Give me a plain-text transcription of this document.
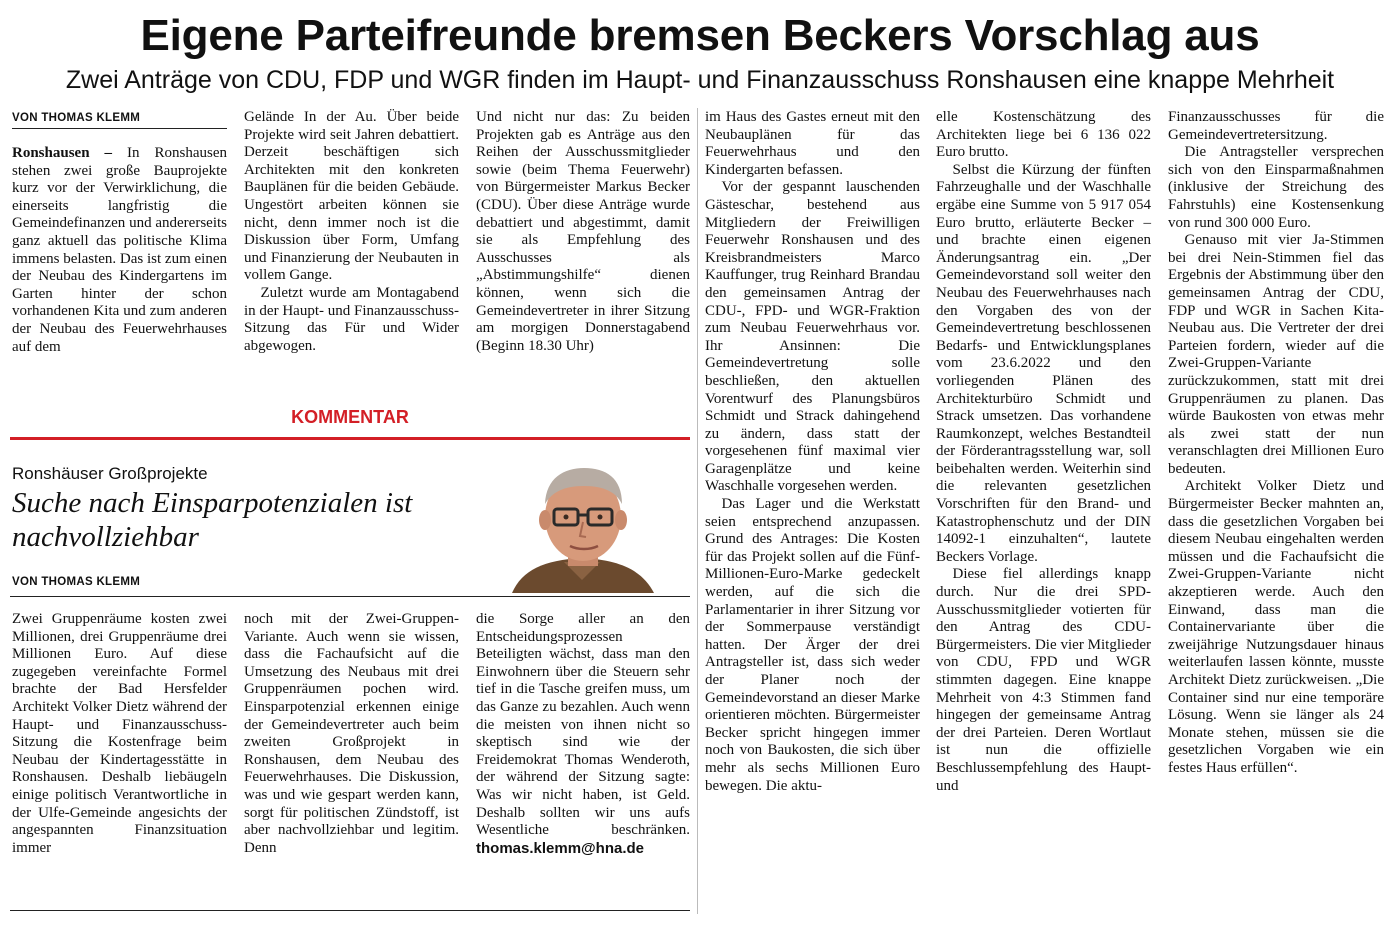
Eigene Parteifreunde bremsen Beckers Vorschlag aus
Zwei Anträge von CDU, FDP und WGR finden im Haupt- und Finanzausschuss Ronshausen eine knappe Mehrheit
VON THOMAS KLEMM

Ronshausen – In Ronshausen stehen zwei große Bauprojekte kurz vor der Verwirklichung, die einerseits langfristig die Gemeindefinanzen und andererseits ganz aktuell das politische Klima immens belasten. Das ist zum einen der Neubau des Kindergartens im Garten hinter der schon vorhandenen Kita und zum anderen der Neubau des Feuerwehrhauses auf dem

Gelände In der Au. Über beide Projekte wird seit Jahren debattiert. Derzeit beschäftigen sich Architekten mit den konkreten Bauplänen für die beiden Gebäude. Ungestört arbeiten können sie nicht, denn immer noch ist die Diskussion über Form, Umfang und Finanzierung der Neubauten in vollem Gange.

Zuletzt wurde am Montagabend in der Haupt- und Finanzausschuss-Sitzung das Für und Wider abgewogen.

Und nicht nur das: Zu beiden Projekten gab es Anträge aus den Reihen der Ausschussmitglieder sowie (beim Thema Feuerwehr) von Bürgermeister Markus Becker (CDU). Über diese Anträge wurde debattiert und abgestimmt, damit sie als Empfehlung des Ausschusses als „Abstimmungshilfe“ dienen können, wenn sich die Gemeindevertreter in ihrer Sitzung am morgigen Donnerstagabend (Beginn 18.30 Uhr)

im Haus des Gastes erneut mit den Neubauplänen für das Feuerwehrhaus und den Kindergarten befassen.

Vor der gespannt lauschenden Gästeschar, bestehend aus Mitgliedern der Freiwilligen Feuerwehr Ronshausen und des Kreisbrandmeisters Marco Kauffunger, trug Reinhard Brandau den gemeinsamen Antrag der CDU-, FPD- und WGR-Fraktion zum Neubau Feuerwehrhaus vor. Ihr Ansinnen: Die Gemeindevertretung solle beschließen, den aktuellen Vorentwurf des Planungsbüros Schmidt und Strack dahingehend zu ändern, dass statt der vorgesehenen fünf maximal vier Garagenplätze und keine Waschhalle vorgesehen werden.

Das Lager und die Werkstatt seien entsprechend anzupassen. Grund des Antrages: Die Kosten für das Projekt sollen auf die Fünf-Millionen-Euro-Marke gedeckelt werden, auf die sich die Parlamentarier in ihrer Sitzung vor der Sommerpause verständigt hatten. Der Ärger der drei Antragsteller ist, dass sich weder der Planer noch der Gemeindevorstand an dieser Marke orientieren möchten. Bürgermeister Becker spricht hingegen immer noch von Baukosten, die sich über mehr als sechs Millionen Euro bewegen. Die aktu-

elle Kostenschätzung des Architekten liege bei 6 136 022 Euro brutto.

Selbst die Kürzung der fünften Fahrzeughalle und der Waschhalle ergäbe eine Summe von 5 917 054 Euro brutto, erläuterte Becker – und brachte einen eigenen Änderungsantrag ein. „Der Gemeindevorstand soll weiter den Neubau des Feuerwehrhauses nach den Vorgaben des von der Gemeindevertretung beschlossenen Bedarfs- und Entwicklungsplanes vom 23.6.2022 und den vorliegenden Plänen des Architekturbüro Schmidt und Strack umsetzen. Das vorhandene Raumkonzept, welches Bestandteil der Förderantragsstellung war, soll beibehalten werden. Weiterhin sind die relevanten gesetzlichen Vorschriften für den Brand- und Katastrophenschutz und der DIN 14092-1 einzuhalten“, lautete Beckers Vorlage.

Diese fiel allerdings knapp durch. Nur die drei SPD-Ausschussmitglieder votierten für den Antrag des CDU-Bürgermeisters. Die vier Mitglieder von CDU, FPD und WGR stimmten dagegen. Eine knappe Mehrheit von 4:3 Stimmen fand hingegen der gemeinsame Antrag der drei Parteien. Deren Wortlaut ist nun die offizielle Beschlussempfehlung des Haupt- und

Finanzausschusses für die Gemeindevertretersitzung.

Die Antragsteller versprechen sich von den Einsparmaßnahmen (inklusive der Streichung des Fahrstuhls) eine Kostensenkung von rund 300 000 Euro.

Genauso mit vier Ja-Stimmen bei drei Nein-Stimmen fiel das Ergebnis der Abstimmung über den gemeinsamen Antrag der CDU, FDP und WGR in Sachen Kita-Neubau aus. Die Vertreter der drei Parteien fordern, wieder auf die Zwei-Gruppen-Variante zurückzukommen, statt mit drei Gruppenräumen zu planen. Das würde Baukosten von etwas mehr als zwei statt der nun veranschlagten drei Millionen Euro bedeuten.

Architekt Volker Dietz und Bürgermeister Becker mahnten an, dass die gesetzlichen Vorgaben bei diesem Neubau eingehalten werden müssen und die Fachaufsicht die Zwei-Gruppen-Variante nicht akzeptieren werde. Auch den Einwand, dass man die Containervariante über die zweijährige Nutzungsdauer hinaus weiterlaufen lassen könnte, musste Architekt Dietz zurückweisen. „Die Container sind nur eine temporäre Lösung. Wenn sie länger als 24 Monate stehen, müssen sie die gesetzlichen Vorgaben wie ein festes Haus erfüllen“.

KOMMENTAR
Ronshäuser Großprojekte
Suche nach Einsparpotenzialen ist nachvollziehbar
VON THOMAS KLEMM

Zwei Gruppenräume kosten zwei Millionen, drei Gruppenräume drei Millionen Euro. Auf diese zugegeben vereinfachte Formel brachte der Bad Hersfelder Architekt Volker Dietz während der Haupt- und Finanzausschuss-Sitzung die Kostenfrage beim Neubau der Kindertagesstätte in Ronshausen. Deshalb liebäugeln einige politisch Verantwortliche in der Ulfe-Gemeinde angesichts der angespannten Finanzsituation immer

noch mit der Zwei-Gruppen-Variante. Auch wenn sie wissen, dass die Fachaufsicht auf die Umsetzung des Neubaus mit drei Gruppenräumen pochen wird. Einsparpotenzial erkennen einige der Gemeindevertreter auch beim zweiten Großprojekt in Ronshausen, dem Neubau des Feuerwehrhauses. Die Diskussion, was und wie gespart werden kann, sorgt für politischen Zündstoff, ist aber nachvollziehbar und legitim. Denn

die Sorge aller an den Entscheidungsprozessen Beteiligten wächst, dass man den Einwohnern über die Steuern sehr tief in die Tasche greifen muss, um das Ganze zu bezahlen. Auch wenn die meisten von ihnen nicht so skeptisch sind wie der Freidemokrat Thomas Wenderoth, der während der Sitzung sagte: Was wir nicht haben, ist Geld. Deshalb sollten wir uns aufs Wesentliche beschränken. thomas.klemm@hna.de
